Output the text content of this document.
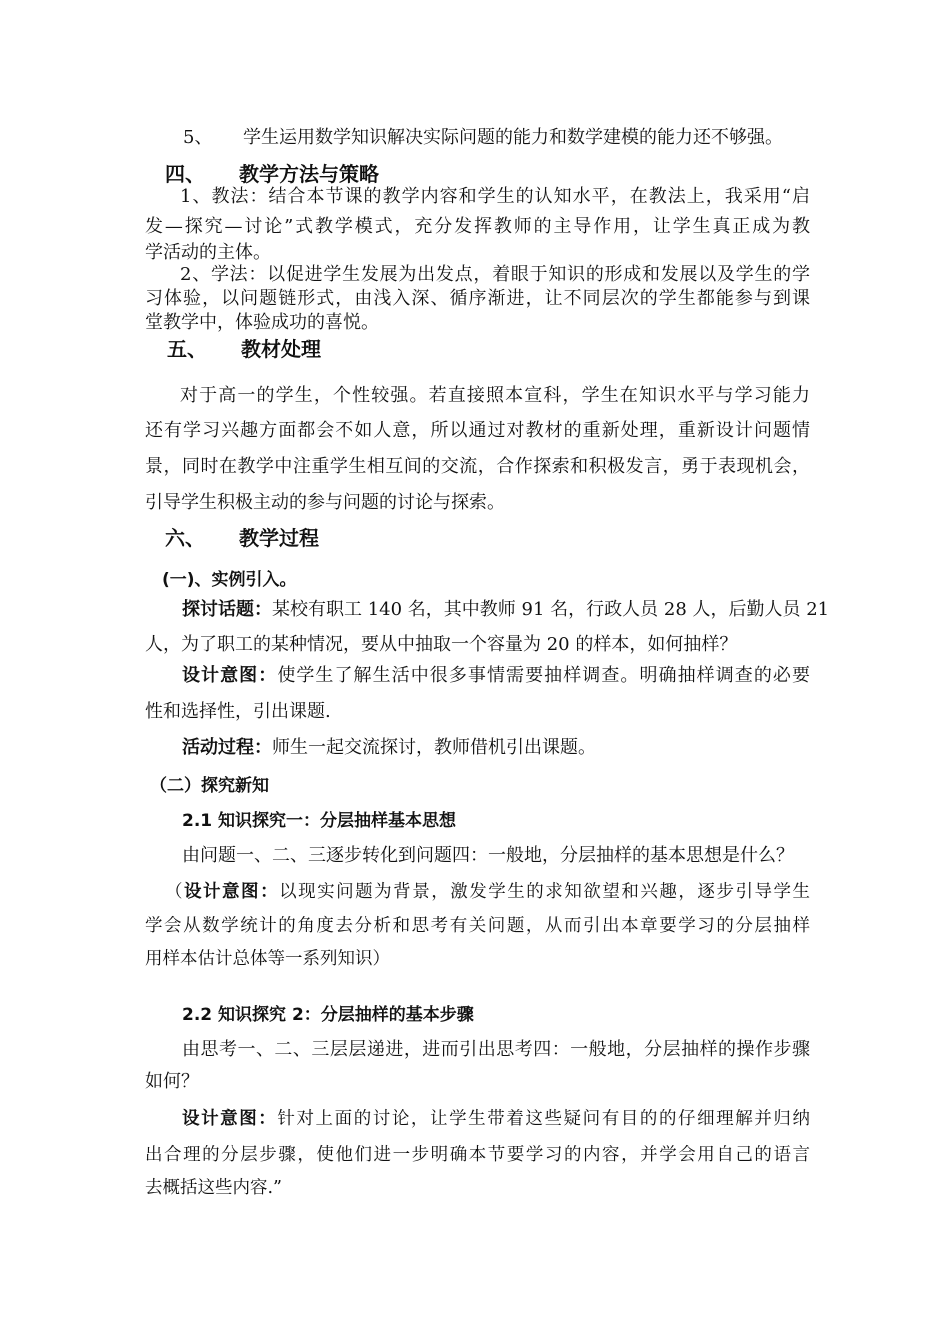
5、 学生运用数学知识解决实际问题的能力和数学建模的能力还不够强。
四、 教学方法与策略
1、教法：结合本节课的教学内容和学生的认知水平，在教法上，我采用“启
发—探究—讨论”式教学模式，充分发挥教师的主导作用，让学生真正成为教
学活动的主体。
2、学法：以促进学生发展为出发点，着眼于知识的形成和发展以及学生的学
习体验，以问题链形式，由浅入深、循序渐进，让不同层次的学生都能参与到课
堂教学中，体验成功的喜悦。
五、 教材处理
对于高一的学生，个性较强。若直接照本宣科，学生在知识水平与学习能力
还有学习兴趣方面都会不如人意，所以通过对教材的重新处理，重新设计问题情
景，同时在教学中注重学生相互间的交流，合作探索和积极发言，勇于表现机会，
引导学生积极主动的参与问题的讨论与探索。
六、 教学过程
(一)、实例引入。
探讨话题：某校有职工 140 名，其中教师 91 名，行政人员 28 人，后勤人员 21
人，为了职工的某种情况，要从中抽取一个容量为 20 的样本，如何抽样？
设计意图：使学生了解生活中很多事情需要抽样调查。明确抽样调查的必要
性和选择性，引出课题.
活动过程：师生一起交流探讨，教师借机引出课题。
（二）探究新知
2.1 知识探究一：分层抽样基本思想
由问题一、二、三逐步转化到问题四：一般地，分层抽样的基本思想是什么？
（设计意图：以现实问题为背景，激发学生的求知欲望和兴趣，逐步引导学生
学会从数学统计的角度去分析和思考有关问题，从而引出本章要学习的分层抽样
用样本估计总体等一系列知识）
2.2 知识探究 2：分层抽样的基本步骤
由思考一、二、三层层递进，进而引出思考四：一般地，分层抽样的操作步骤
如何？
设计意图：针对上面的讨论，让学生带着这些疑问有目的的仔细理解并归纳
出合理的分层步骤，使他们进一步明确本节要学习的内容，并学会用自己的语言
去概括这些内容.”
